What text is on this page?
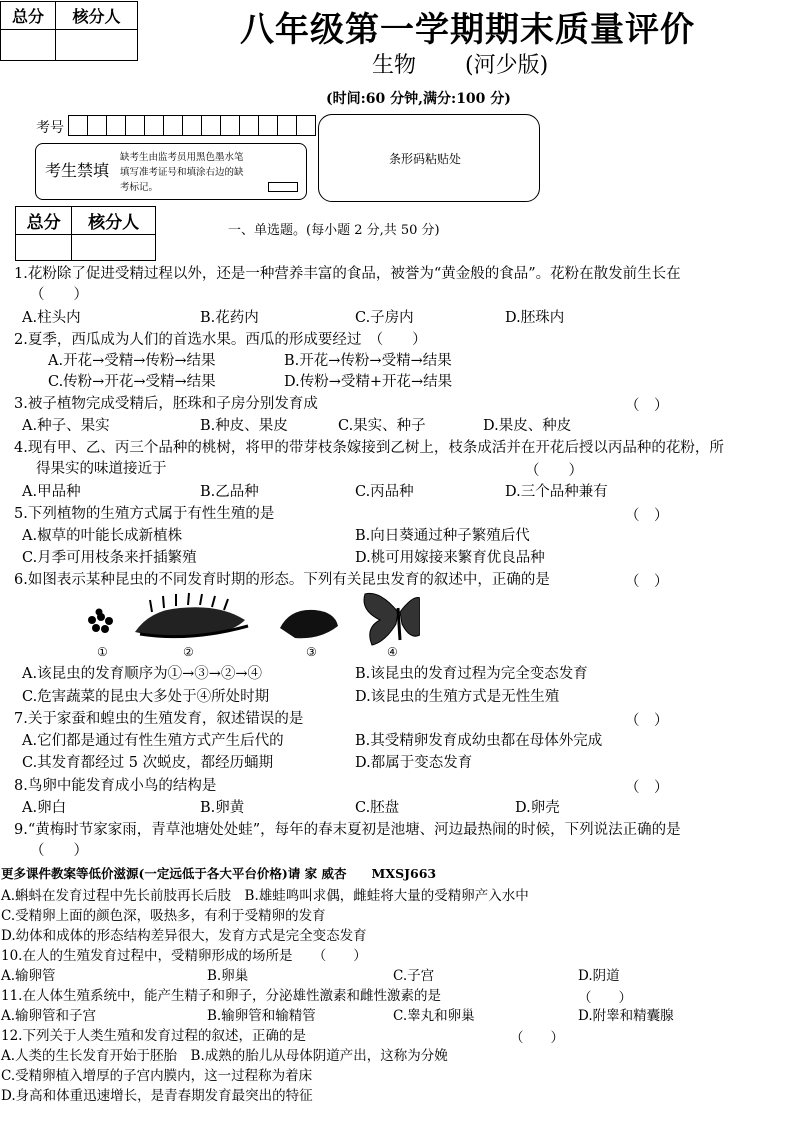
总分	核分人
		八年级第一学期期末质量评价
生物 (河少版)
(时间:60 分钟,满分:100 分)
考号
考生禁填
缺考生由监考员用黑色墨水笔
填写准考证号和填涂右边的缺
考标记。
条形码粘贴处
总分	核分人
		一、单选题。(每小题 2 分,共 50 分)
1.花粉除了促进受精过程以外，还是一种营养丰富的食品，被誉为“黄金般的食品”。花粉在散发前生长在
（　　）
A.柱头内	B.花药内	C.子房内	D.胚珠内
2.夏季，西瓜成为人们的首选水果。西瓜的形成要经过　（　　）
A.开花→受精→传粉→结果	B.开花→传粉→受精→结果
C.传粉→开花→受精→结果	D.传粉→受精+开花→结果
3.被子植物完成受精后，胚珠和子房分别发育成	（　）
A.种子、果实	B.种皮、果皮	C.果实、种子	D.果皮、种皮
4.现有甲、乙、丙三个品种的桃树，将甲的带芽枝条嫁接到乙树上，枝条成活并在开花后授以丙品种的花粉，所
得果实的味道接近于	（　　）
A.甲品种	B.乙品种	C.丙品种	D.三个品种兼有
5.下列植物的生殖方式属于有性生殖的是	（　）
A.椒草的叶能长成新植株	B.向日葵通过种子繁殖后代
C.月季可用枝条来扦插繁殖	D.桃可用嫁接来繁育优良品种
6.如图表示某种昆虫的不同发育时期的形态。下列有关昆虫发育的叙述中，正确的是	（　）
①	②	③	④
A.该昆虫的发育顺序为①→③→②→④	B.该昆虫的发育过程为完全变态发育
C.危害蔬菜的昆虫大多处于④所处时期	D.该昆虫的生殖方式是无性生殖
7.关于家蚕和蝗虫的生殖发育，叙述错误的是	（　）
A.它们都是通过有性生殖方式产生后代的	B.其受精卵发育成幼虫都在母体外完成
C.其发育都经过 5 次蜕皮，都经历蛹期	D.都属于变态发育
8.鸟卵中能发育成小鸟的结构是	（　）
A.卵白	B.卵黄	C.胚盘	D.卵壳
9.“黄梅时节家家雨，青草池塘处处蛙”，每年的春末夏初是池塘、河边最热闹的时候，下列说法正确的是
（　　）
更多课件教案等低价滋源(一定远低于各大平台价格)请 家 威杏　　MXSJ663
A.蝌蚪在发育过程中先长前肢再长后肢　B.雄蛙鸣叫求偶，雌蛙将大量的受精卵产入水中
C.受精卵上面的颜色深，吸热多，有利于受精卵的发育
D.幼体和成体的形态结构差异很大，发育方式是完全变态发育
10.在人的生殖发育过程中，受精卵形成的场所是　　（　　）
A.输卵管	B.卵巢	C.子宫	D.阴道
11.在人体生殖系统中，能产生精子和卵子，分泌雄性激素和雌性激素的是	（　　）
A.输卵管和子宫	B.输卵管和输精管	C.睾丸和卵巢	D.附睾和精囊腺
12.下列关于人类生殖和发育过程的叙述，正确的是	（　　）
A.人类的生长发育开始于胚胎　B.成熟的胎儿从母体阴道产出，这称为分娩
C.受精卵植入增厚的子宫内膜内，这一过程称为着床
D.身高和体重迅速增长，是青春期发育最突出的特征
